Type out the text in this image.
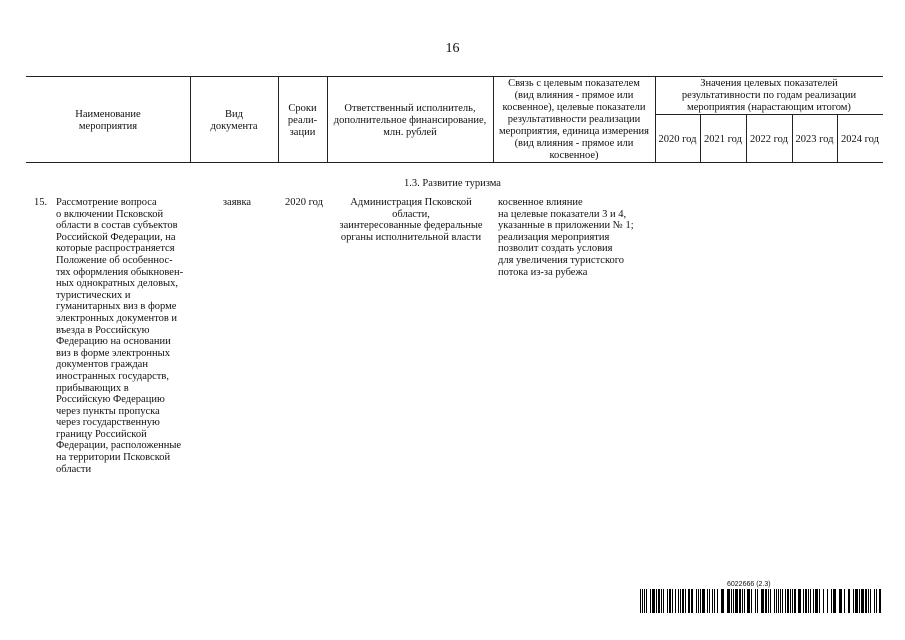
16
Наименование
мероприятия
Вид
документа
Сроки
реали-
зации
Ответственный исполнитель,
дополнительное финансирование,
млн. рублей
Связь с целевым показателем
(вид влияния - прямое или
косвенное), целевые показатели
результативности реализации
мероприятия, единица измерения
(вид влияния - прямое или
косвенное)
Значения целевых показателей
результативности по годам реализации
мероприятия (нарастающим итогом)
2020 год 2021 год 2022 год 2023 год 2024 год
1.3. Развитие туризма
15. Рассмотрение вопроса
о включении Псковской
области в состав субъектов
Российской Федерации, на
которые распространяется
Положение об особеннос-
тях оформления обыкновен-
ных однократных деловых,
туристических и
гуманитарных виз в форме
электронных документов и
въезда в Российскую
Федерацию на основании
виз в форме электронных
документов граждан
иностранных государств,
прибывающих в
Российскую Федерацию
через пункты пропуска
через государственную
границу Российской
Федерации, расположенные
на территории Псковской
области
заявка	2020 год	Администрация Псковской
области,
заинтересованные федеральные
органы исполнительной власти
косвенное влияние
на целевые показатели 3 и 4,
указанные в приложении № 1;
реализация мероприятия
позволит создать условия
для увеличения туристского
потока из-за рубежа
6022666 (2.3)
